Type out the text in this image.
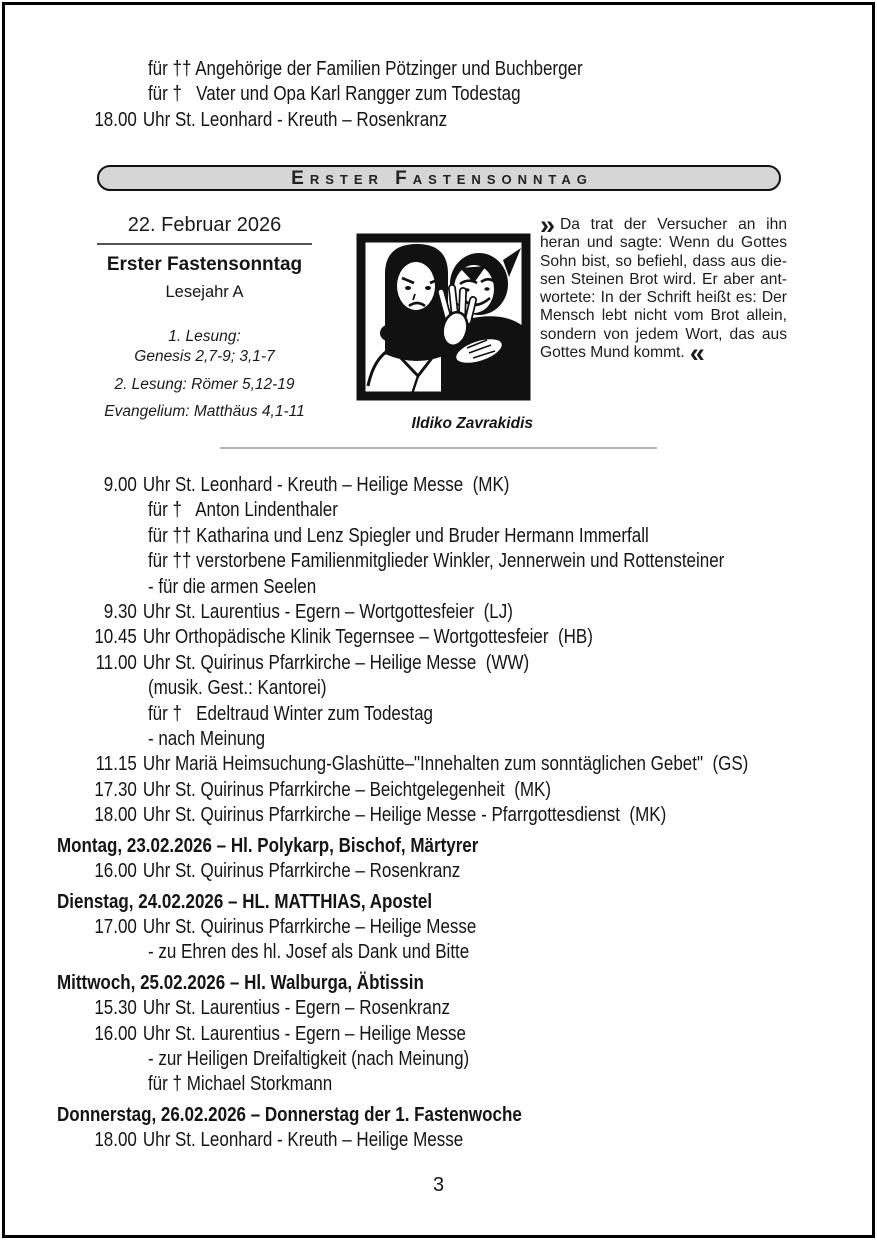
für †† Angehörige der Familien Pötzinger und Buchberger
für †   Vater und Opa Karl Rangger zum Todestag
18.00 Uhr St. Leonhard - Kreuth – Rosenkranz
Erster Fastensonntag
22. Februar 2026
Erster Fastensonntag
Lesejahr A
1. Lesung:
Genesis 2,7-9; 3,1-7
2. Lesung: Römer 5,12-19
Evangelium: Matthäus 4,1-11
Ildiko Zavrakidis
» Da trat der Versucher an ihn heran und sagte: Wenn du Gottes Sohn bist, so befiehl, dass aus diesen Steinen Brot wird. Er aber antwortete: In der Schrift heißt es: Der Mensch lebt nicht vom Brot allein, sondern von jedem Wort, das aus Gottes Mund kommt. «
9.00 Uhr St. Leonhard - Kreuth – Heilige Messe  (MK)
für †   Anton Lindenthaler
für †† Katharina und Lenz Spiegler und Bruder Hermann Immerfall
für †† verstorbene Familienmitglieder Winkler, Jennerwein und Rottensteiner
- für die armen Seelen
9.30 Uhr St. Laurentius - Egern – Wortgottesfeier  (LJ)
10.45 Uhr Orthopädische Klinik Tegernsee – Wortgottesfeier  (HB)
11.00 Uhr St. Quirinus Pfarrkirche – Heilige Messe  (WW)
(musik. Gest.: Kantorei)
für †   Edeltraud Winter zum Todestag
- nach Meinung
11.15 Uhr Mariä Heimsuchung-Glashütte–"Innehalten zum sonntäglichen Gebet"  (GS)
17.30 Uhr St. Quirinus Pfarrkirche – Beichtgelegenheit  (MK)
18.00 Uhr St. Quirinus Pfarrkirche – Heilige Messe - Pfarrgottesdienst  (MK)
Montag, 23.02.2026 – Hl. Polykarp, Bischof, Märtyrer
16.00 Uhr St. Quirinus Pfarrkirche – Rosenkranz
Dienstag, 24.02.2026 – HL. MATTHIAS, Apostel
17.00 Uhr St. Quirinus Pfarrkirche – Heilige Messe
- zu Ehren des hl. Josef als Dank und Bitte
Mittwoch, 25.02.2026 – Hl. Walburga, Äbtissin
15.30 Uhr St. Laurentius - Egern – Rosenkranz
16.00 Uhr St. Laurentius - Egern – Heilige Messe
- zur Heiligen Dreifaltigkeit (nach Meinung)
für † Michael Storkmann
Donnerstag, 26.02.2026 – Donnerstag der 1. Fastenwoche
18.00 Uhr St. Leonhard - Kreuth – Heilige Messe
3
